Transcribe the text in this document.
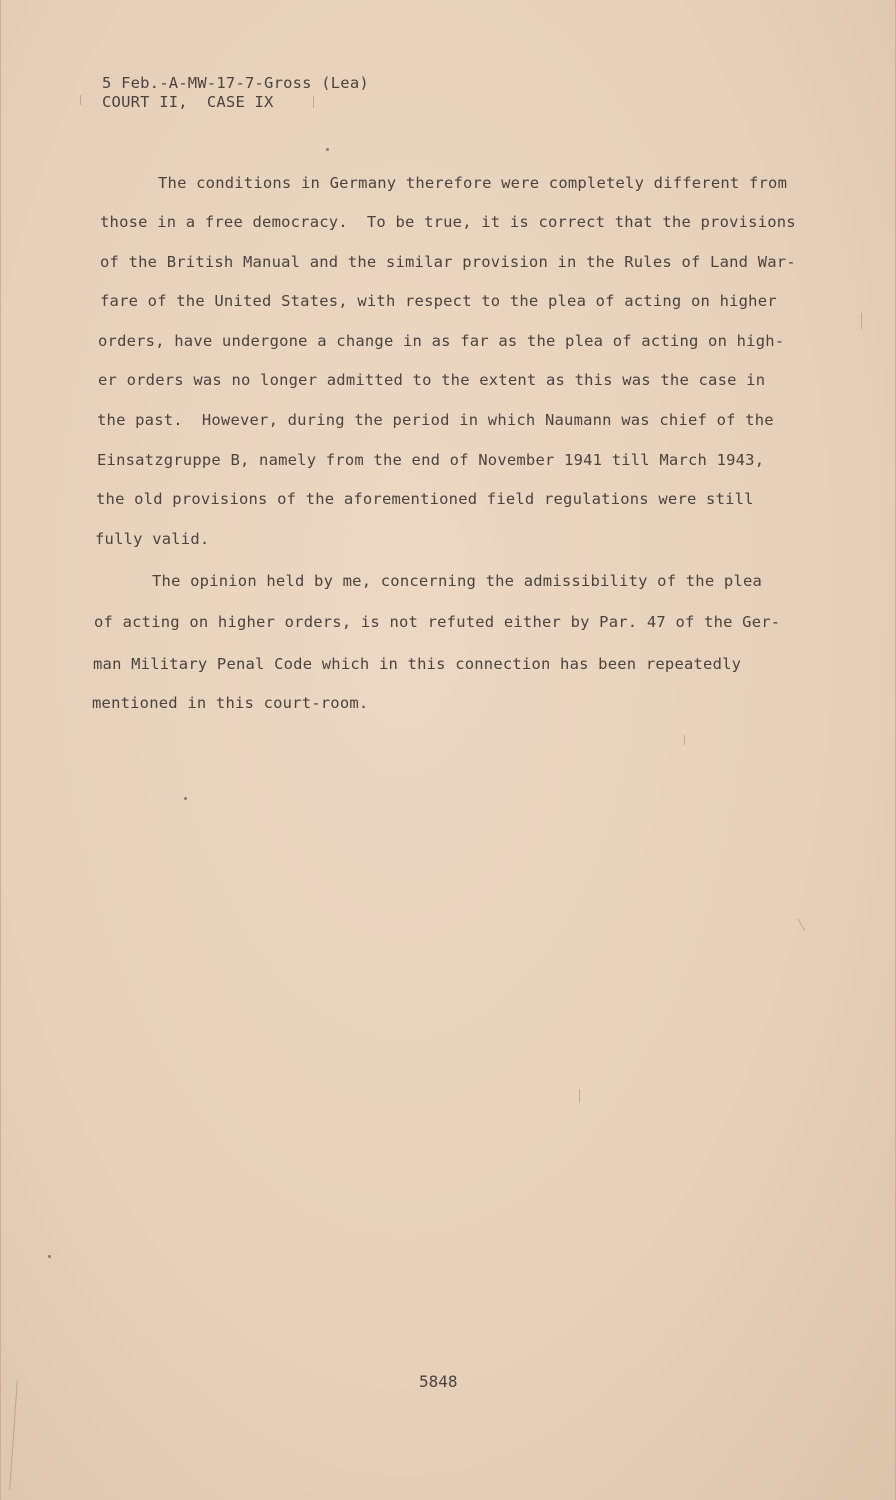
5 Feb.-A-MW-17-7-Gross (Lea)
COURT II,  CASE IX
The conditions in Germany therefore were completely different from
those in a free democracy.  To be true, it is correct that the provisions
of the British Manual and the similar provision in the Rules of Land War-
fare of the United States, with respect to the plea of acting on higher
orders, have undergone a change in as far as the plea of acting on high-
er orders was no longer admitted to the extent as this was the case in
the past.  However, during the period in which Naumann was chief of the
Einsatzgruppe B, namely from the end of November 1941 till March 1943,
the old provisions of the aforementioned field regulations were still
fully valid.
The opinion held by me, concerning the admissibility of the plea
of acting on higher orders, is not refuted either by Par. 47 of the Ger-
man Military Penal Code which in this connection has been repeatedly
mentioned in this court-room.
5848
